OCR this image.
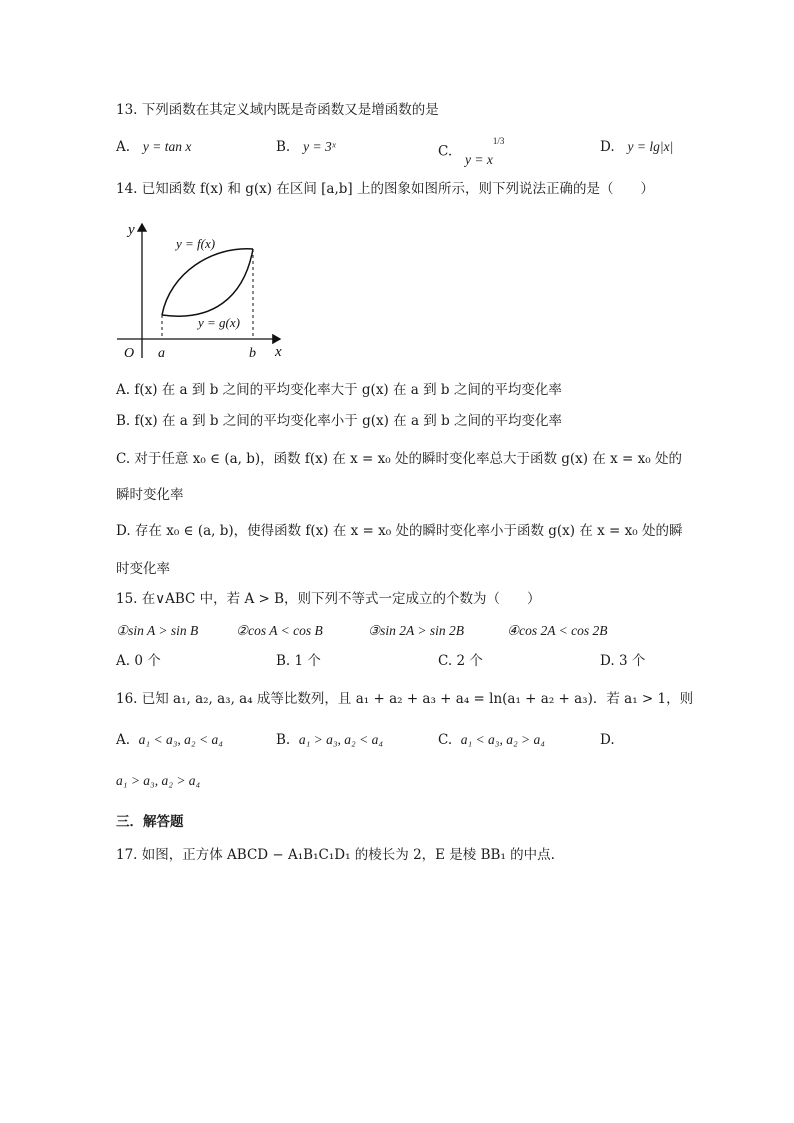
13. 下列函数在其定义域内既是奇函数又是增函数的是
A. y = tan x	B. y = 3ˣ	C. $y = x^{1/3}$	D. y = lg|x|
14. 已知函数 f(x) 和 g(x) 在区间 [a,b] 上的图象如图所示，则下列说法正确的是（　　）
y
x
O a	b
y = f(x)
y = g(x)
A. f(x) 在 a 到 b 之间的平均变化率大于 g(x) 在 a 到 b 之间的平均变化率
B. f(x) 在 a 到 b 之间的平均变化率小于 g(x) 在 a 到 b 之间的平均变化率
C. 对于任意 x₀ ∈ (a, b)，函数 f(x) 在 x = x₀ 处的瞬时变化率总大于函数 g(x) 在 x = x₀ 处的
瞬时变化率
D. 存在 x₀ ∈ (a, b)，使得函数 f(x) 在 x = x₀ 处的瞬时变化率小于函数 g(x) 在 x = x₀ 处的瞬
时变化率
15. 在∨ABC 中，若 A > B，则下列不等式一定成立的个数为（　　）
①sin A > sin B	②cos A < cos B	③sin 2A > sin 2B	④cos 2A < cos 2B
A. 0 个	B. 1 个	C. 2 个	D. 3 个
16. 已知 a₁, a₂, a₃, a₄ 成等比数列，且 a₁ + a₂ + a₃ + a₄ = ln(a₁ + a₂ + a₃)．若 a₁ > 1，则
A. a₁ < a₃, a₂ < a₄	B. a₁ > a₃, a₂ < a₄	C. a₁ < a₃, a₂ > a₄	D.
a₁ > a₃, a₂ > a₄
三．解答题
17. 如图，正方体 ABCD − A₁B₁C₁D₁ 的棱长为 2，E 是棱 BB₁ 的中点.
